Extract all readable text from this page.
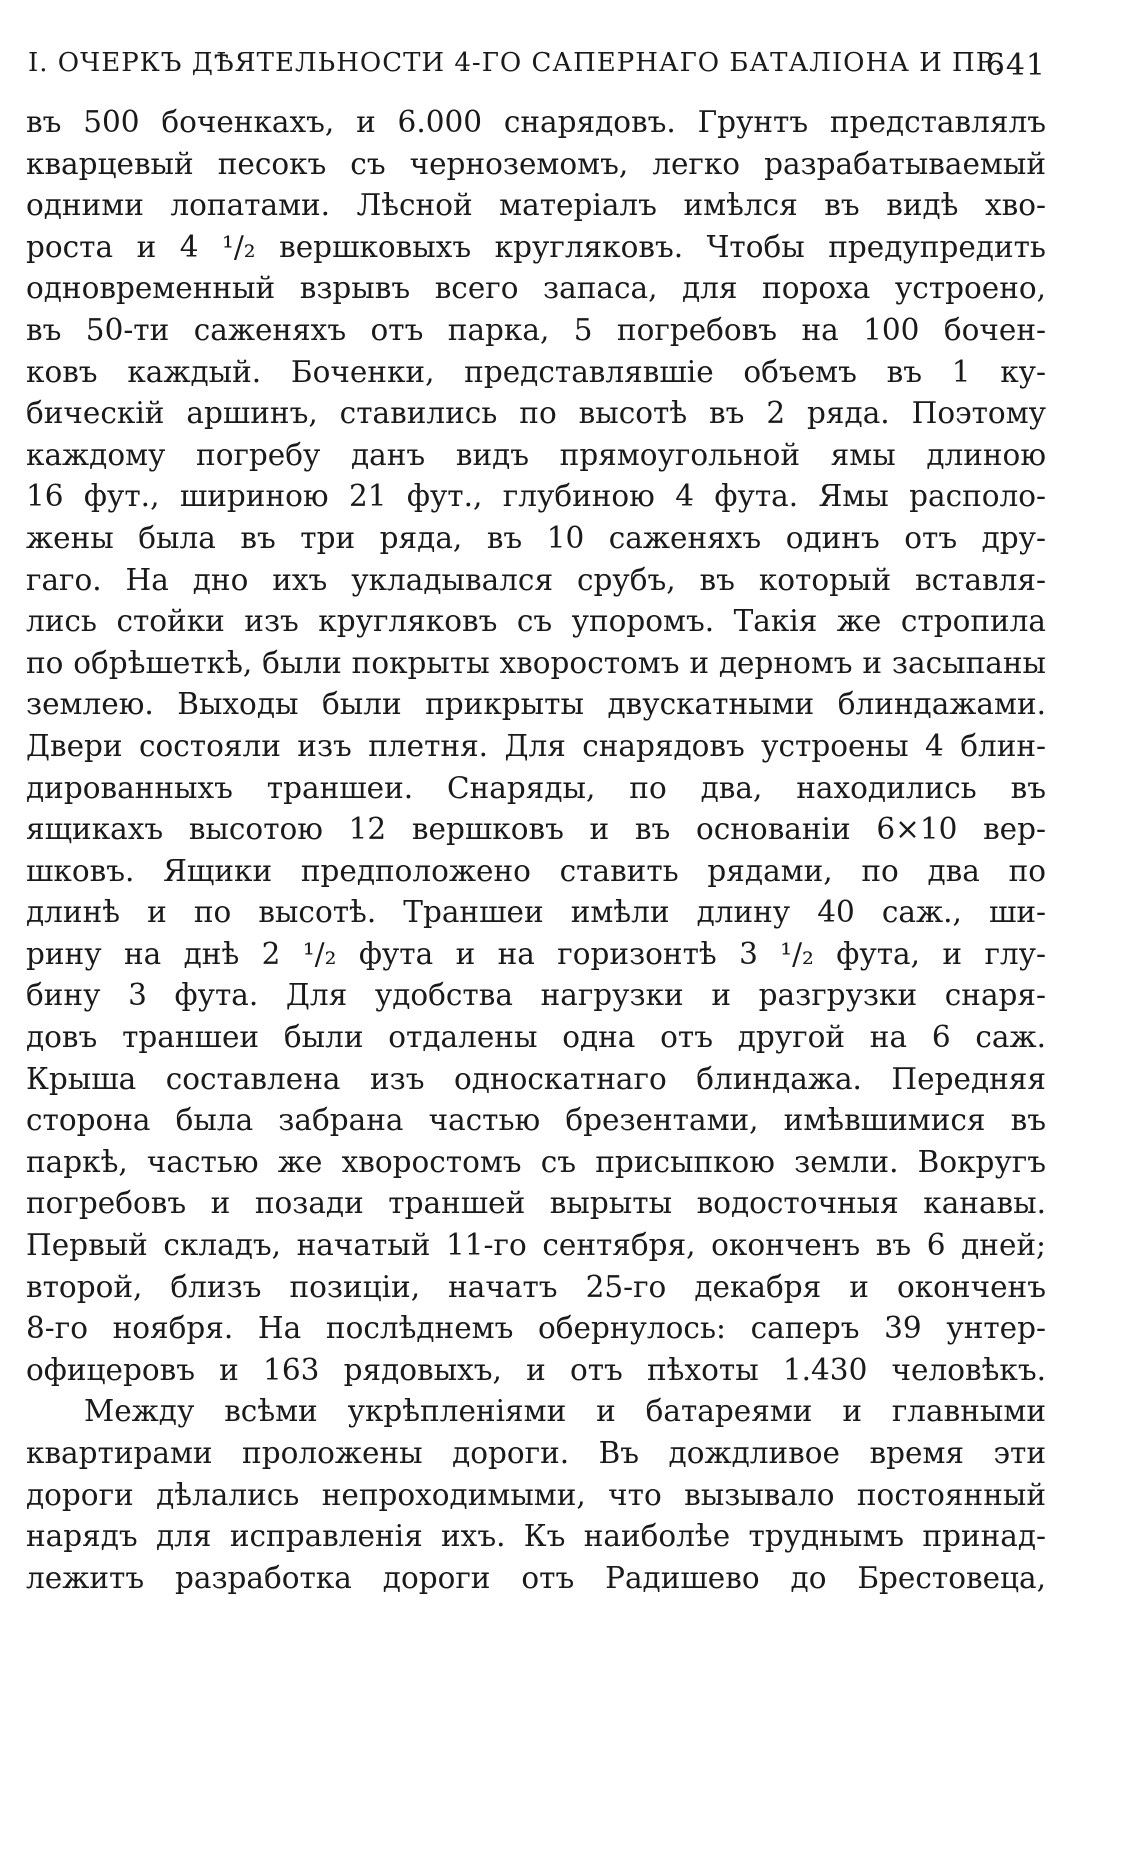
I. ОЧЕРКЪ ДѢЯТЕЛЬНОСТИ 4-ГО САПЕРНАГО БАТАЛІОНА И ПР.
641
въ 500 боченкахъ, и 6.000 снарядовъ. Грунтъ представлялъ
кварцевый песокъ съ черноземомъ, легко разрабатываемый
одними лопатами. Лѣсной матеріалъ имѣлся въ видѣ хво-
роста и 4 ¹/₂ вершковыхъ кругляковъ. Чтобы предупредить
одновременный взрывъ всего запаса, для пороха устроено,
въ 50-ти саженяхъ отъ парка, 5 погребовъ на 100 бочен-
ковъ каждый. Боченки, представлявшіе объемъ въ 1 ку-
бическій аршинъ, ставились по высотѣ въ 2 ряда. Поэтому
каждому погребу данъ видъ прямоугольной ямы длиною
16 фут., шириною 21 фут., глубиною 4 фута. Ямы располо-
жены была въ три ряда, въ 10 саженяхъ одинъ отъ дру-
гаго. На дно ихъ укладывался срубъ, въ который вставля-
лись стойки изъ кругляковъ съ упоромъ. Такія же стропила
по обрѣшеткѣ, были покрыты хворостомъ и дерномъ и засыпаны
землею. Выходы были прикрыты двускатными блиндажами.
Двери состояли изъ плетня. Для снарядовъ устроены 4 блин-
дированныхъ траншеи. Снаряды, по два, находились въ
ящикахъ высотою 12 вершковъ и въ основаніи 6×10 вер-
шковъ. Ящики предположено ставить рядами, по два по
длинѣ и по высотѣ. Траншеи имѣли длину 40 саж., ши-
рину на днѣ 2 ¹/₂ фута и на горизонтѣ 3 ¹/₂ фута, и глу-
бину 3 фута. Для удобства нагрузки и разгрузки снаря-
довъ траншеи были отдалены одна отъ другой на 6 саж.
Крыша составлена изъ односкатнаго блиндажа. Передняя
сторона была забрана частью брезентами, имѣвшимися въ
паркѣ, частью же хворостомъ съ присыпкою земли. Вокругъ
погребовъ и позади траншей вырыты водосточныя канавы.
Первый складъ, начатый 11-го сентября, оконченъ въ 6 дней;
второй, близъ позиціи, начатъ 25-го декабря и оконченъ
8-го ноября. На послѣднемъ обернулось: саперъ 39 унтер-
офицеровъ и 163 рядовыхъ, и отъ пѣхоты 1.430 человѣкъ.
Между всѣми укрѣпленіями и батареями и главными
квартирами проложены дороги. Въ дождливое время эти
дороги дѣлались непроходимыми, что вызывало постоянный
нарядъ для исправленія ихъ. Къ наиболѣе труднымъ принад-
лежитъ разработка дороги отъ Радишево до Брестовеца,
